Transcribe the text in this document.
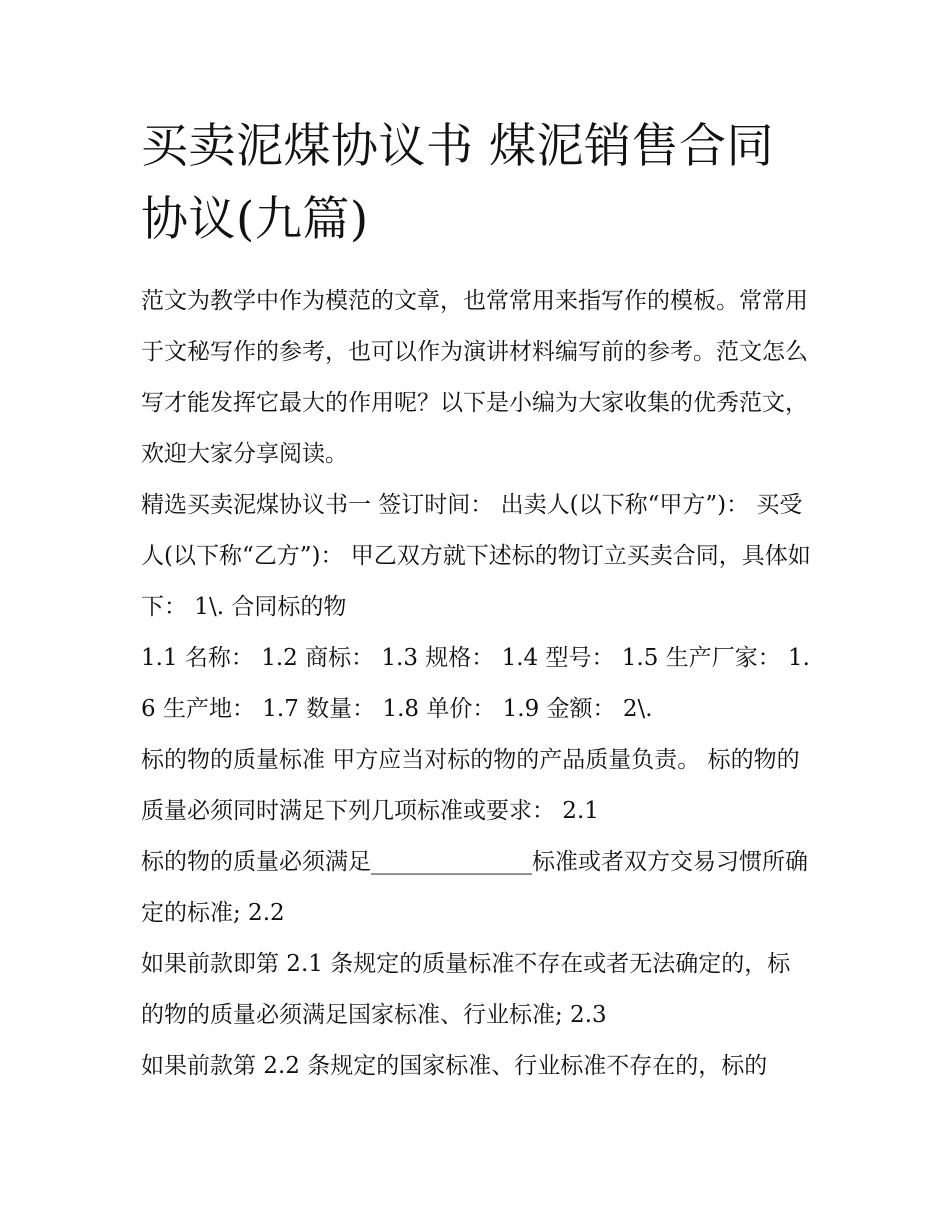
买卖泥煤协议书 煤泥销售合同协议(九篇)

范文为教学中作为模范的文章，也常常用来指写作的模板。常常用于文秘写作的参考，也可以作为演讲材料编写前的参考。范文怎么写才能发挥它最大的作用呢？以下是小编为大家收集的优秀范文，欢迎大家分享阅读。

精选买卖泥煤协议书一 签订时间： 出卖人(以下称“甲方”)： 买受人(以下称“乙方”)： 甲乙双方就下述标的物订立买卖合同，具体如下： 1\. 合同标的物

1.1 名称： 1.2 商标： 1.3 规格： 1.4 型号： 1.5 生产厂家： 1.6 生产地： 1.7 数量： 1.8 单价： 1.9 金额： 2\.

标的物的质量标准 甲方应当对标的物的产品质量负责。 标的物的质量必须同时满足下列几项标准或要求： 2.1

标的物的质量必须满足______________标准或者双方交易习惯所确定的标准; 2.2

如果前款即第 2.1 条规定的质量标准不存在或者无法确定的，标的物的质量必须满足国家标准、行业标准; 2.3

如果前款第 2.2 条规定的国家标准、行业标准不存在的，标的
